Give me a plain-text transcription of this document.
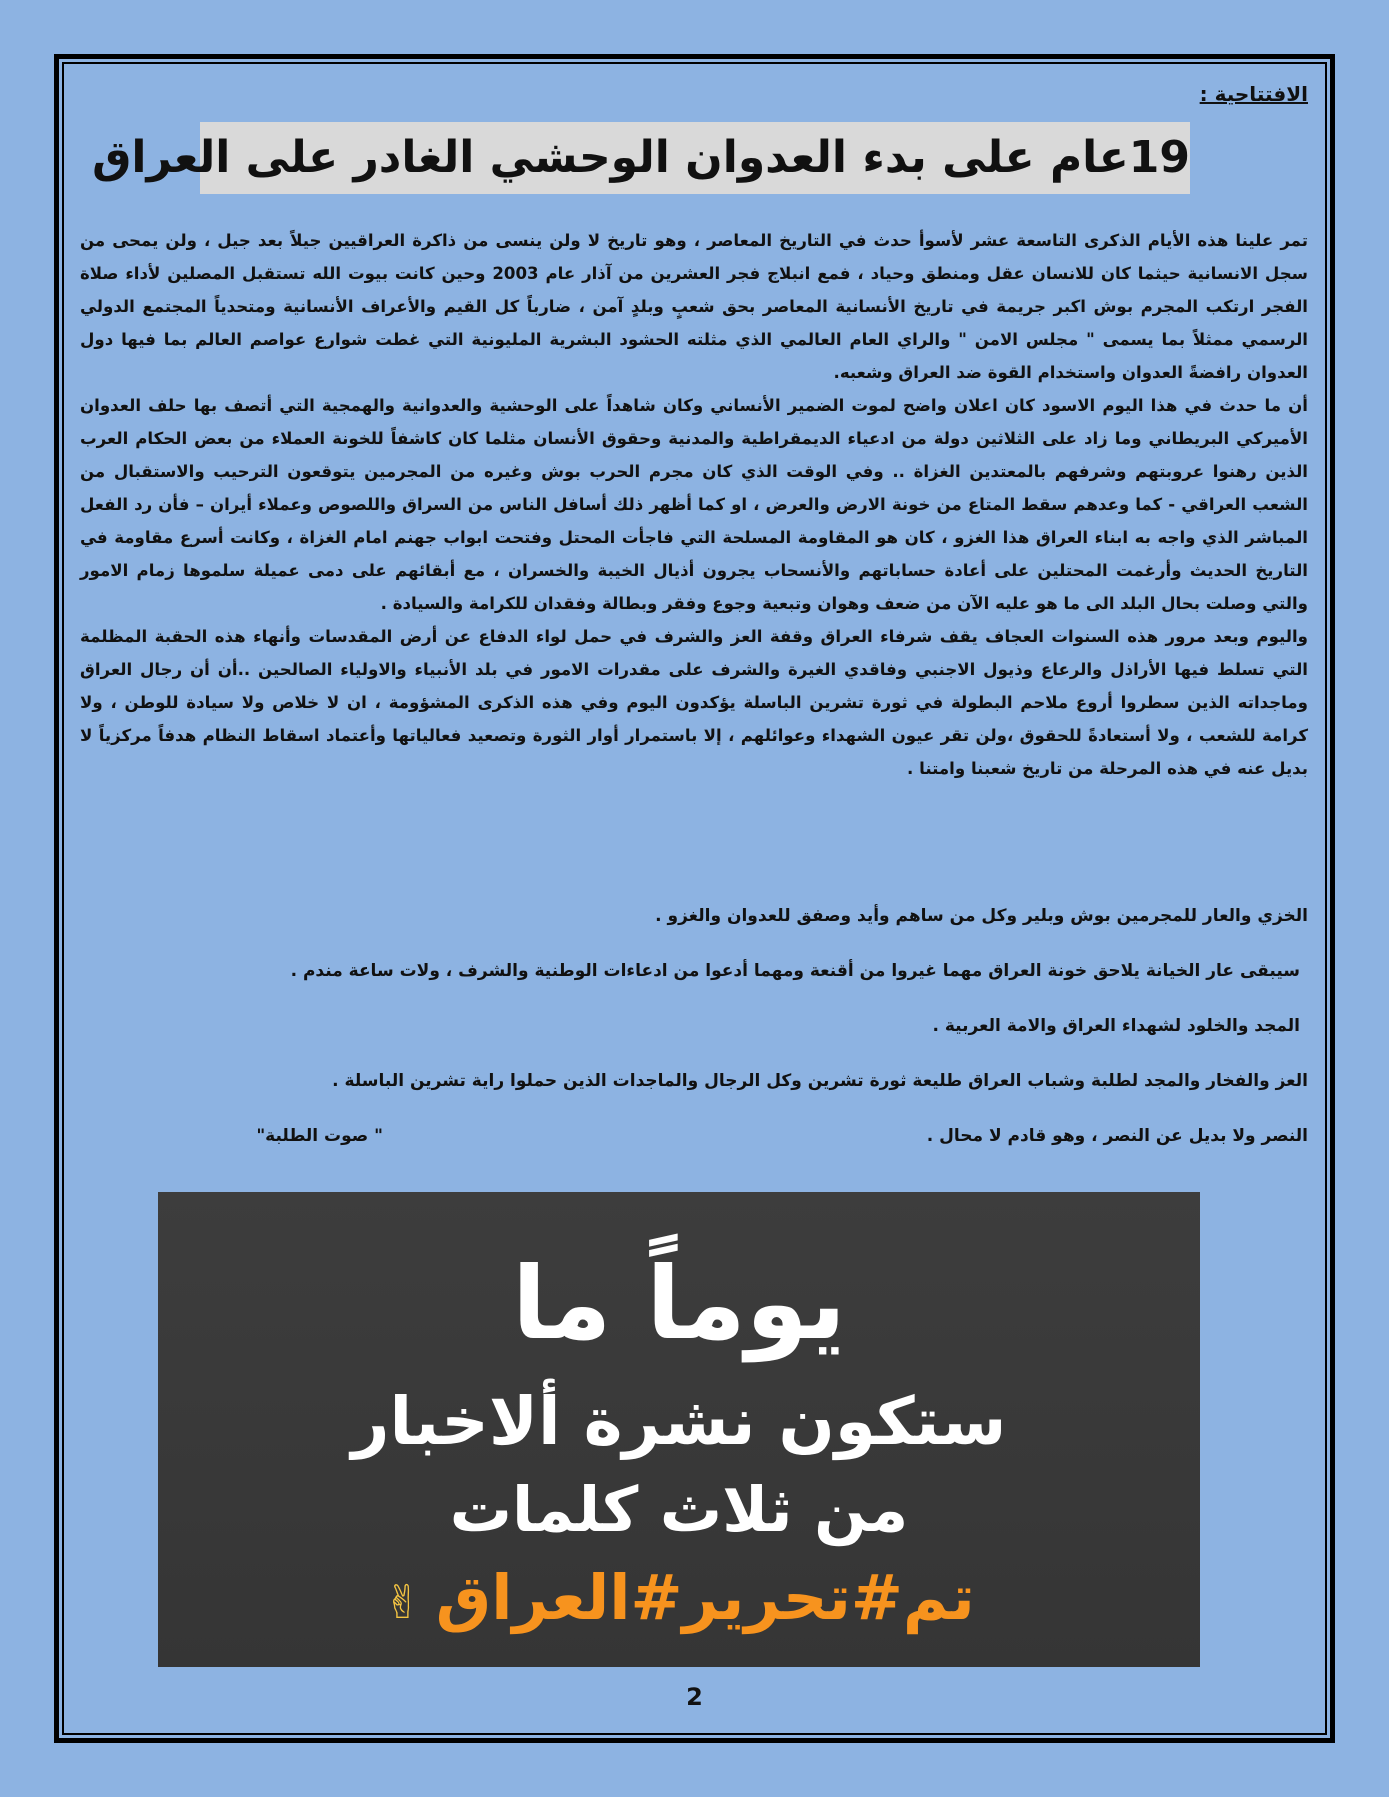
الافتتاحية :
19عام على بدء العدوان الوحشي الغادر على العراق

تمر علينا هذه الأيام الذكرى التاسعة عشر لأسوأ حدث في التاريخ المعاصر ، وهو تاريخ لا ولن ينسى من ذاكرة العراقيين جيلاً بعد جيل ، ولن يمحى من سجل الانسانية حيثما كان للانسان عقل ومنطق وحياد ، فمع انبلاج فجر العشرين من آذار عام 2003 وحين كانت بيوت الله تستقبل المصلين لأداء صلاة الفجر ارتكب المجرم بوش اكبر جريمة في تاريخ الأنسانية المعاصر بحق شعبٍ وبلدٍ آمن ، ضارباً كل القيم والأعراف الأنسانية ومتحدياً المجتمع الدولي الرسمي ممثلاً بما يسمى " مجلس الامن " والراي العام العالمي الذي مثلته الحشود البشرية المليونية التي غطت شوارع عواصم العالم بما فيها دول العدوان رافضةً العدوان واستخدام القوة ضد العراق وشعبه.

أن ما حدث في هذا اليوم الاسود كان اعلان واضح لموت الضمير الأنساني وكان شاهداً على الوحشية والعدوانية والهمجية التي أتصف بها حلف العدوان الأميركي البريطاني وما زاد على الثلاثين دولة من ادعياء الديمقراطية والمدنية وحقوق الأنسان مثلما كان كاشفاً للخونة العملاء من بعض الحكام العرب الذين رهنوا عروبتهم وشرفهم بالمعتدين الغزاة .. وفي الوقت الذي كان مجرم الحرب بوش وغيره من المجرمين يتوقعون الترحيب والاستقبال من الشعب العراقي - كما وعدهم سقط المتاع من خونة الارض والعرض ، او كما أظهر ذلك أسافل الناس من السراق واللصوص وعملاء أيران – فأن رد الفعل المباشر الذي واجه به ابناء العراق هذا الغزو ، كان هو المقاومة المسلحة التي فاجأت المحتل وفتحت ابواب جهنم امام الغزاة ، وكانت أسرع مقاومة في التاريخ الحديث وأرغمت المحتلين على أعادة حساباتهم والأنسحاب يجرون أذيال الخيبة والخسران ، مع أبقائهم على دمى عميلة سلموها زمام الامور والتي وصلت بحال البلد الى ما هو عليه الآن من ضعف وهوان وتبعية وجوع وفقر وبطالة وفقدان للكرامة والسيادة .

واليوم وبعد مرور هذه السنوات العجاف يقف شرفاء العراق وقفة العز والشرف في حمل لواء الدفاع عن أرض المقدسات وأنهاء هذه الحقبة المظلمة التي تسلط فيها الأراذل والرعاع وذيول الاجنبي وفاقدي الغيرة والشرف على مقدرات الامور في بلد الأنبياء والاولياء الصالحين ..أن أن رجال العراق وماجداته الذين سطروا أروع ملاحم البطولة في ثورة تشرين الباسلة يؤكدون اليوم وفي هذه الذكرى المشؤومة ، ان لا خلاص ولا سيادة للوطن ، ولا كرامة للشعب ، ولا أستعادةً للحقوق ،ولن تقر عيون الشهداء وعوائلهم ، إلا باستمرار أوار الثورة وتصعيد فعالياتها وأعتماد اسقاط النظام هدفاً مركزياً لا بديل عنه في هذه المرحلة من تاريخ شعبنا وامتنا .

الخزي والعار للمجرمين بوش وبلير وكل من ساهم وأيد وصفق للعدوان والغزو .
سيبقى عار الخيانة يلاحق خونة العراق مهما غيروا من أقنعة ومهما أدعوا من ادعاءات الوطنية والشرف ، ولات ساعة مندم .
المجد والخلود لشهداء العراق والامة العربية .
العز والفخار والمجد لطلبة وشباب العراق طليعة ثورة تشرين وكل الرجال والماجدات الذين حملوا راية تشرين الباسلة .
النصر ولا بديل عن النصر ، وهو قادم لا محال .
" صوت الطلبة"
يوماً ما
ستكون نشرة ألاخبار
من ثلاث كلمات
تم#تحرير#العراق✌
2
